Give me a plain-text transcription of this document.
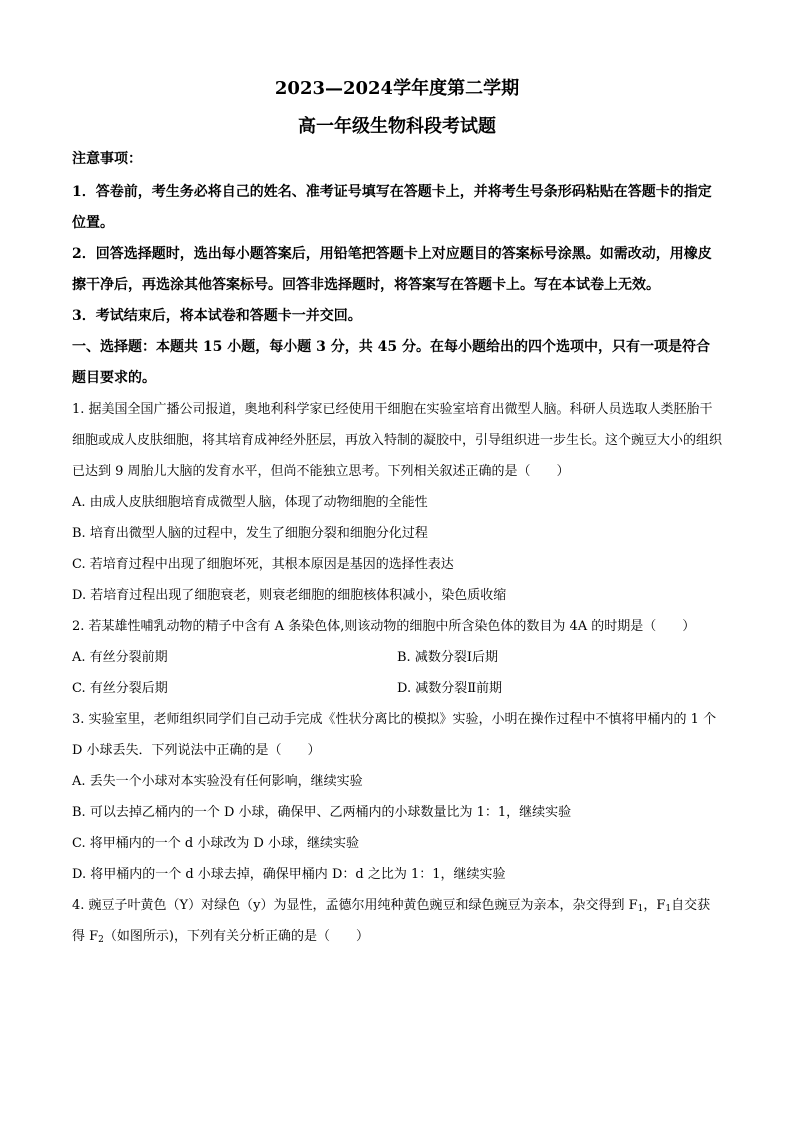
2023—2024学年度第二学期
高一年级生物科段考试题
注意事项：
1．答卷前，考生务必将自己的姓名、准考证号填写在答题卡上，并将考生号条形码粘贴在答题卡的指定位置。
2．回答选择题时，选出每小题答案后，用铅笔把答题卡上对应题目的答案标号涂黑。如需改动，用橡皮擦干净后，再选涂其他答案标号。回答非选择题时，将答案写在答题卡上。写在本试卷上无效。
3．考试结束后，将本试卷和答题卡一并交回。
一、选择题：本题共 15 小题，每小题 3 分，共 45 分。在每小题给出的四个选项中，只有一项是符合题目要求的。
1. 据美国全国广播公司报道，奥地利科学家已经使用干细胞在实验室培育出微型人脑。科研人员选取人类胚胎干细胞或成人皮肤细胞，将其培育成神经外胚层，再放入特制的凝胶中，引导组织进一步生长。这个豌豆大小的组织已达到 9 周胎儿大脑的发育水平，但尚不能独立思考。下列相关叙述正确的是（　　）
A. 由成人皮肤细胞培育成微型人脑，体现了动物细胞的全能性
B. 培育出微型人脑的过程中，发生了细胞分裂和细胞分化过程
C. 若培育过程中出现了细胞坏死，其根本原因是基因的选择性表达
D. 若培育过程出现了细胞衰老，则衰老细胞的细胞核体积减小，染色质收缩
2. 若某雄性哺乳动物的精子中含有 A 条染色体,则该动物的细胞中所含染色体的数目为 4A 的时期是（　　）
A. 有丝分裂前期	B. 减数分裂Ⅰ后期
C. 有丝分裂后期	D. 减数分裂Ⅱ前期
3. 实验室里，老师组织同学们自己动手完成《性状分离比的模拟》实验，小明在操作过程中不慎将甲桶内的 1 个 D 小球丢失．下列说法中正确的是（　　）
A. 丢失一个小球对本实验没有任何影响，继续实验
B. 可以去掉乙桶内的一个 D 小球，确保甲、乙两桶内的小球数量比为 1：1，继续实验
C. 将甲桶内的一个 d 小球改为 D 小球，继续实验
D. 将甲桶内的一个 d 小球去掉，确保甲桶内 D：d 之比为 1：1，继续实验
4. 豌豆子叶黄色（Y）对绿色（y）为显性，孟德尔用纯种黄色豌豆和绿色豌豆为亲本，杂交得到 $F_1$，$F_1$自交获得 $F_2$（如图所示)，下列有关分析正确的是（　　）
